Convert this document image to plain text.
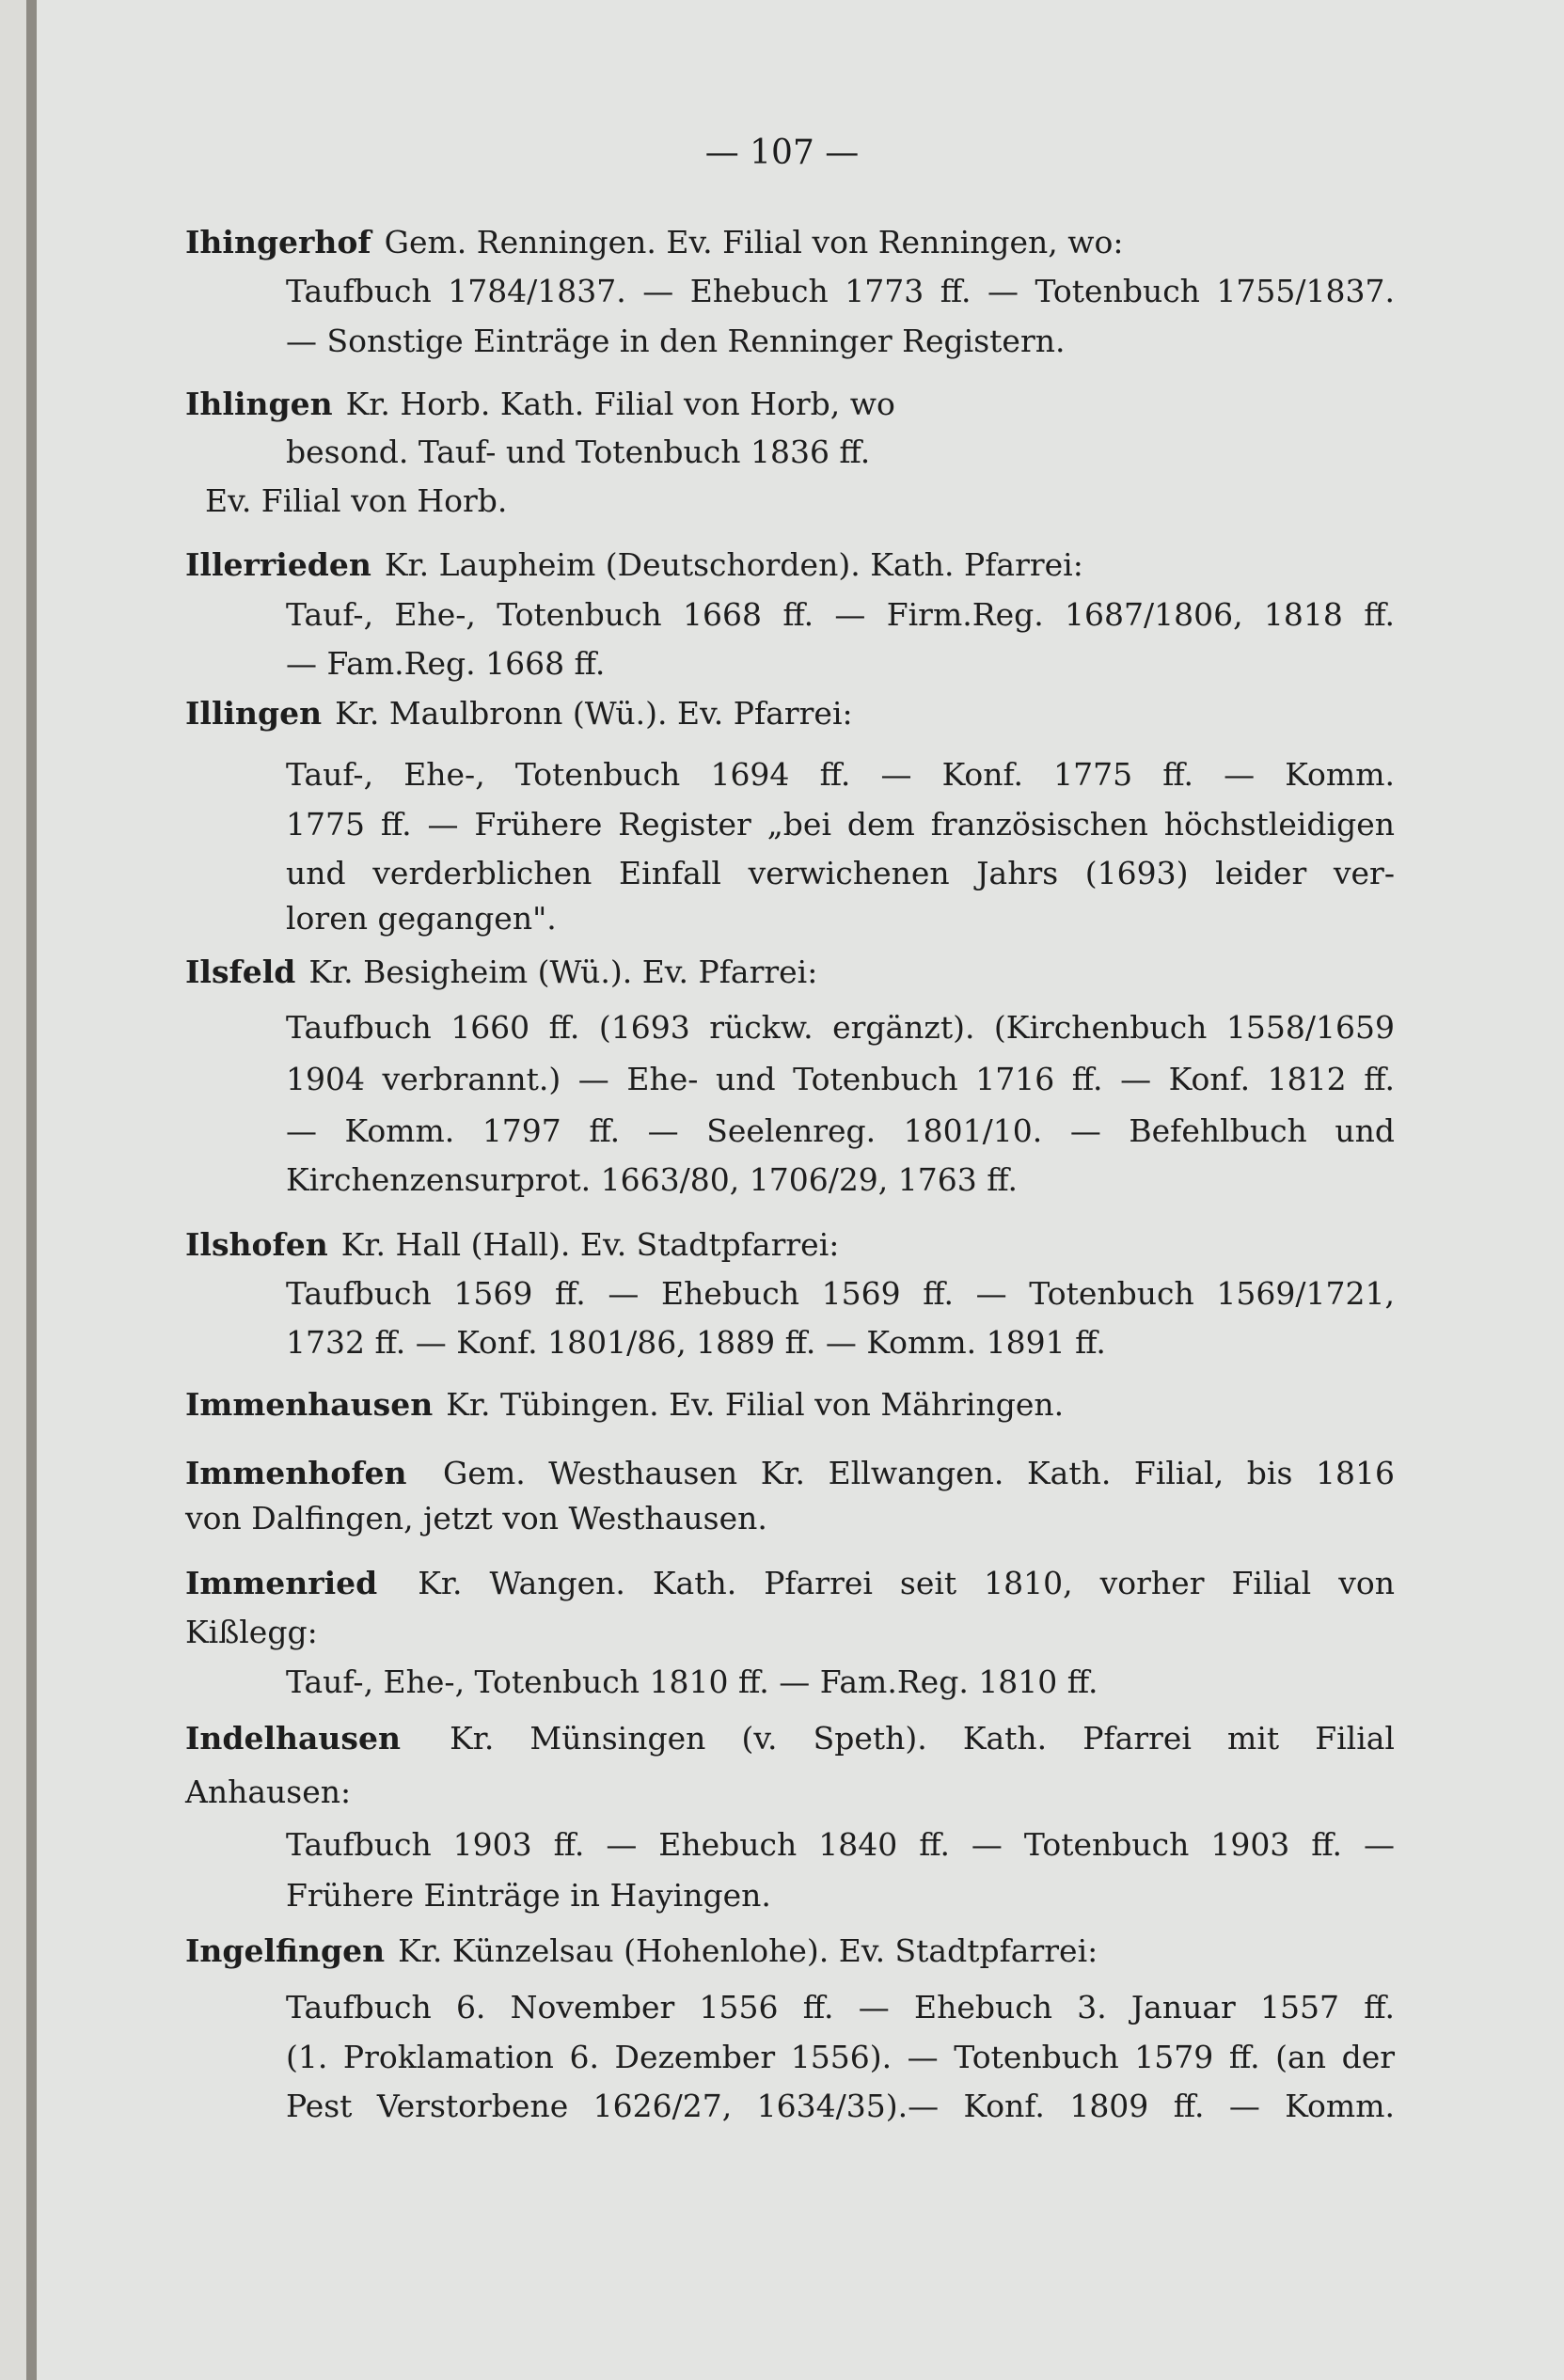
— 107 —
Ihingerhof Gem. Renningen. Ev. Filial von Renningen, wo:
Taufbuch 1784/1837. — Ehebuch 1773 ff. — Totenbuch 1755/1837.
— Sonstige Einträge in den Renninger Registern.
Ihlingen Kr. Horb. Kath. Filial von Horb, wo
besond. Tauf- und Totenbuch 1836 ff.
Ev. Filial von Horb.
Illerrieden Kr. Laupheim (Deutschorden). Kath. Pfarrei:
Tauf-, Ehe-, Totenbuch 1668 ff. — Firm.Reg. 1687/1806, 1818 ff.
— Fam.Reg. 1668 ff.
Illingen Kr. Maulbronn (Wü.). Ev. Pfarrei:
Tauf-, Ehe-, Totenbuch 1694 ff. — Konf. 1775 ff. — Komm.
1775 ff. — Frühere Register „bei dem französischen höchstleidigen
und verderblichen Einfall verwichenen Jahrs (1693) leider ver-
loren gegangen".
Ilsfeld Kr. Besigheim (Wü.). Ev. Pfarrei:
Taufbuch 1660 ff. (1693 rückw. ergänzt). (Kirchenbuch 1558/1659
1904 verbrannt.) — Ehe- und Totenbuch 1716 ff. — Konf. 1812 ff.
— Komm. 1797 ff. — Seelenreg. 1801/10. — Befehlbuch und
Kirchenzensurprot. 1663/80, 1706/29, 1763 ff.
Ilshofen Kr. Hall (Hall). Ev. Stadtpfarrei:
Taufbuch 1569 ff. — Ehebuch 1569 ff. — Totenbuch 1569/1721,
1732 ff. — Konf. 1801/86, 1889 ff. — Komm. 1891 ff.
Immenhausen Kr. Tübingen. Ev. Filial von Mähringen.
Immenhofen Gem. Westhausen Kr. Ellwangen. Kath. Filial, bis 1816
von Dalfingen, jetzt von Westhausen.
Immenried Kr. Wangen. Kath. Pfarrei seit 1810, vorher Filial von
Kißlegg:
Tauf-, Ehe-, Totenbuch 1810 ff. — Fam.Reg. 1810 ff.
Indelhausen Kr. Münsingen (v. Speth). Kath. Pfarrei mit Filial
Anhausen:
Taufbuch 1903 ff. — Ehebuch 1840 ff. — Totenbuch 1903 ff. —
Frühere Einträge in Hayingen.
Ingelfingen Kr. Künzelsau (Hohenlohe). Ev. Stadtpfarrei:
Taufbuch 6. November 1556 ff. — Ehebuch 3. Januar 1557 ff.
(1. Proklamation 6. Dezember 1556). — Totenbuch 1579 ff. (an der
Pest Verstorbene 1626/27, 1634/35).— Konf. 1809 ff. — Komm.
